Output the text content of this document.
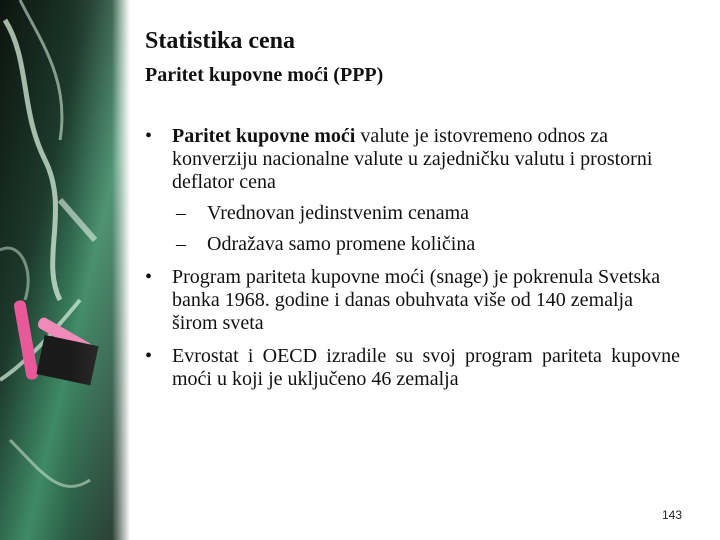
Statistika cena
Paritet kupovne moći (PPP)
• Paritet kupovne moći valute je istovremeno odnos za konverziju nacionalne valute u zajedničku valutu i prostorni deflator cena
– Vrednovan jedinstvenim cenama
– Odražava samo promene količina
• Program pariteta kupovne moći (snage) je pokrenula Svetska banka 1968. godine i danas obuhvata više od 140 zemalja širom sveta
• Evrostat i OECD izradile su svoj program pariteta kupovne moći u koji je uključeno 46 zemalja
143
